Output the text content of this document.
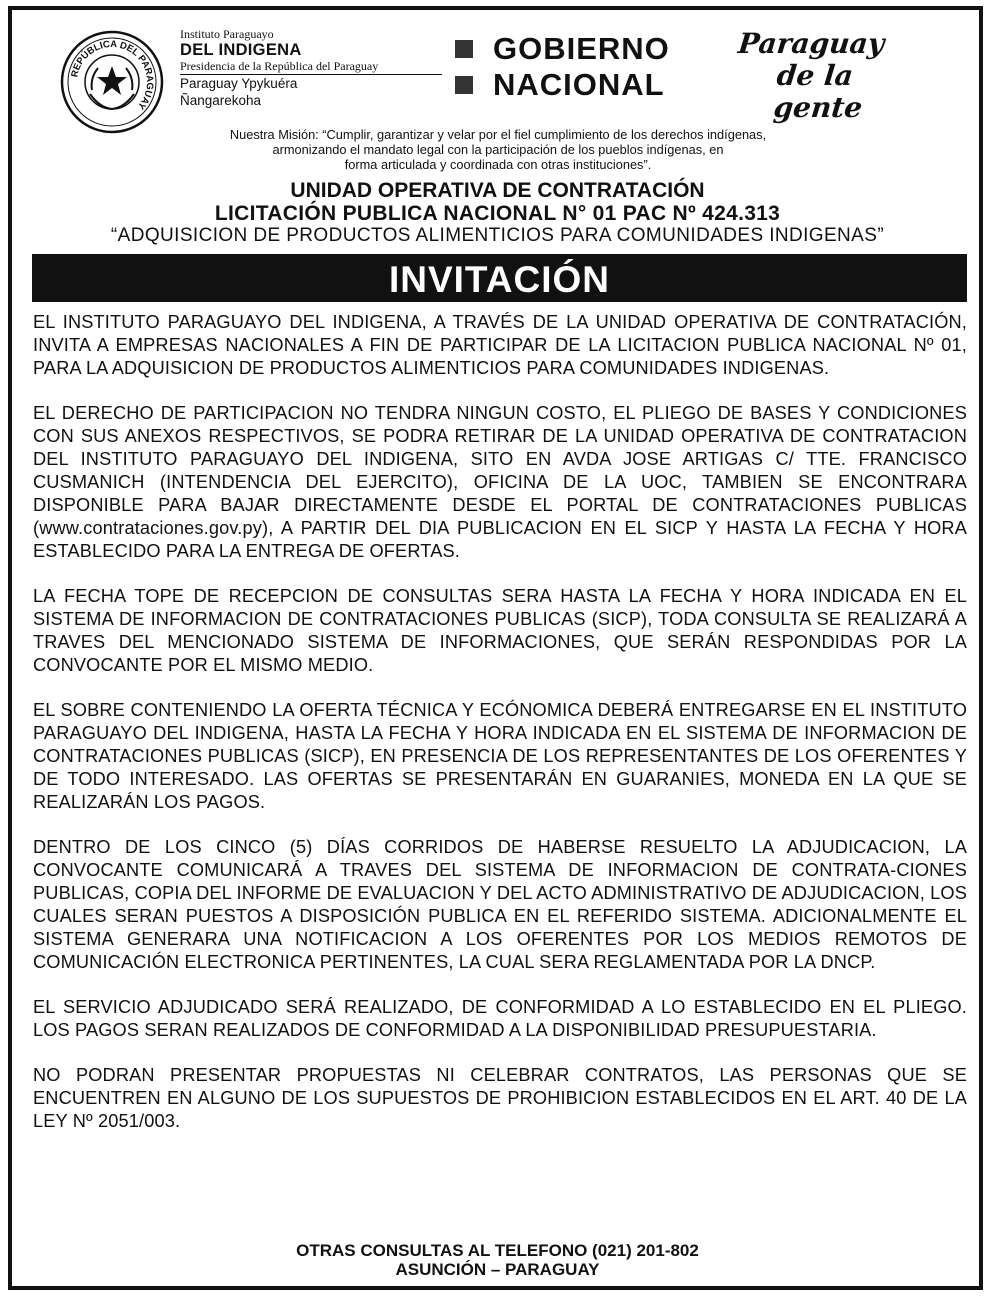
REPÚBLICA DEL PARAGUAY
Instituto Paraguayo
DEL INDIGENA
Presidencia de la República del Paraguay
Paraguay Ypykuéra
Ñangarekoha
GOBIERNO
NACIONAL
Paraguay
de la gente
Nuestra Misión: “Cumplir, garantizar y velar por el fiel cumplimiento de los derechos indígenas,
armonizando el mandato legal con la participación de los pueblos indígenas, en
forma articulada y coordinada con otras instituciones”.
UNIDAD OPERATIVA DE CONTRATACIÓN
LICITACIÓN PUBLICA NACIONAL N° 01 PAC Nº 424.313
“ADQUISICION DE PRODUCTOS ALIMENTICIOS PARA COMUNIDADES INDIGENAS”
INVITACIÓN

EL INSTITUTO PARAGUAYO DEL INDIGENA, A TRAVÉS DE LA UNIDAD OPERATIVA DE CONTRATACIÓN, INVITA A EMPRESAS NACIONALES A FIN DE PARTICIPAR DE LA LICITACION PUBLICA NACIONAL Nº 01, PARA LA ADQUISICION DE PRODUCTOS ALIMENTICIOS PARA COMUNIDADES INDIGENAS.

EL DERECHO DE PARTICIPACION NO TENDRA NINGUN COSTO, EL PLIEGO DE BASES Y CONDICIONES CON SUS ANEXOS RESPECTIVOS, SE PODRA RETIRAR DE LA UNIDAD OPERATIVA DE CONTRATACION DEL INSTITUTO PARAGUAYO DEL INDIGENA, SITO EN AVDA JOSE ARTIGAS C/ TTE. FRANCISCO CUSMANICH (INTENDENCIA DEL EJERCITO), OFICINA DE LA UOC, TAMBIEN SE ENCONTRARA DISPONIBLE PARA BAJAR DIRECTAMENTE DESDE EL PORTAL DE CONTRATACIONES PUBLICAS (www.contrataciones.gov.py), A PARTIR DEL DIA PUBLICACION EN EL SICP Y HASTA LA FECHA Y HORA ESTABLECIDO PARA LA ENTREGA DE OFERTAS.

LA FECHA TOPE DE RECEPCION DE CONSULTAS SERA HASTA LA FECHA Y HORA INDICADA EN EL SISTEMA DE INFORMACION DE CONTRATACIONES PUBLICAS (SICP), TODA CONSULTA SE REALIZARÁ A TRAVES DEL MENCIONADO SISTEMA DE INFORMACIONES, QUE SERÁN RESPONDIDAS POR LA CONVOCANTE POR EL MISMO MEDIO.

EL SOBRE CONTENIENDO LA OFERTA TÉCNICA Y ECÓNOMICA DEBERÁ ENTREGARSE EN EL INSTITUTO PARAGUAYO DEL INDIGENA, HASTA LA FECHA Y HORA INDICADA EN EL SISTEMA DE INFORMACION DE CONTRATACIONES PUBLICAS (SICP), EN PRESENCIA DE LOS REPRESENTANTES DE LOS OFERENTES Y DE TODO INTERESADO. LAS OFERTAS SE PRESENTARÁN EN GUARANIES, MONEDA EN LA QUE SE REALIZARÁN LOS PAGOS.

DENTRO DE LOS CINCO (5) DÍAS CORRIDOS DE HABERSE RESUELTO LA ADJUDICACION, LA CONVOCANTE COMUNICARÁ A TRAVES DEL SISTEMA DE INFORMACION DE CONTRATA-CIONES PUBLICAS, COPIA DEL INFORME DE EVALUACION Y DEL ACTO ADMINISTRATIVO DE ADJUDICACION, LOS CUALES SERAN PUESTOS A DISPOSICIÓN PUBLICA EN EL REFERIDO SISTEMA. ADICIONALMENTE EL SISTEMA GENERARA UNA NOTIFICACION A LOS OFERENTES POR LOS MEDIOS REMOTOS DE COMUNICACIÓN ELECTRONICA PERTINENTES, LA CUAL SERA REGLAMENTADA POR LA DNCP.

EL SERVICIO ADJUDICADO SERÁ REALIZADO, DE CONFORMIDAD A LO ESTABLECIDO EN EL PLIEGO. LOS PAGOS SERAN REALIZADOS DE CONFORMIDAD A LA DISPONIBILIDAD PRESUPUESTARIA.

NO PODRAN PRESENTAR PROPUESTAS NI CELEBRAR CONTRATOS, LAS PERSONAS QUE SE ENCUENTREN EN ALGUNO DE LOS SUPUESTOS DE PROHIBICION ESTABLECIDOS EN EL ART. 40 DE LA LEY Nº 2051/003.

OTRAS CONSULTAS AL TELEFONO (021) 201-802
ASUNCIÓN – PARAGUAY
